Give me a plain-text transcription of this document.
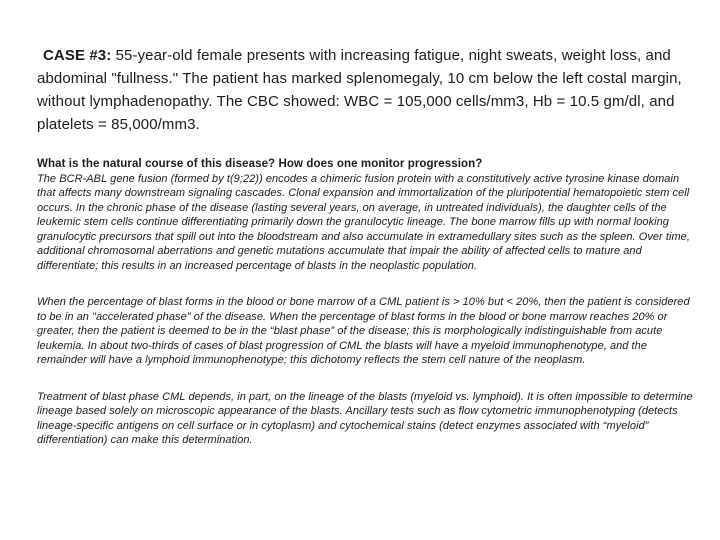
CASE #3: 55-year-old female presents with increasing fatigue, night sweats, weight loss, and abdominal "fullness." The patient has marked splenomegaly, 10 cm below the left costal margin, without lymphadenopathy. The CBC showed: WBC = 105,000 cells/mm3, Hb = 10.5 gm/dl, and platelets = 85,000/mm3.

What is the natural course of this disease? How does one monitor progression?

The BCR-ABL gene fusion (formed by t(9;22)) encodes a chimeric fusion protein with a constitutively active tyrosine kinase domain that affects many downstream signaling cascades. Clonal expansion and immortalization of the pluripotential hematopoietic stem cell occurs. In the chronic phase of the disease (lasting several years, on average, in untreated individuals), the daughter cells of the leukemic stem cells continue differentiating primarily down the granulocytic lineage. The bone marrow fills up with normal looking granulocytic precursors that spill out into the bloodstream and also accumulate in extramedullary sites such as the spleen. Over time, additional chromosomal aberrations and genetic mutations accumulate that impair the ability of affected cells to mature and differentiate; this results in an increased percentage of blasts in the neoplastic population.

When the percentage of blast forms in the blood or bone marrow of a CML patient is > 10% but < 20%, then the patient is considered to be in an "accelerated phase" of the disease. When the percentage of blast forms in the blood or bone marrow reaches 20% or greater, then the patient is deemed to be in the “blast phase” of the disease; this is morphologically indistinguishable from acute leukemia. In about two-thirds of cases of blast progression of CML the blasts will have a myeloid immunophenotype, and the remainder will have a lymphoid immunophenotype; this dichotomy reflects the stem cell nature of the neoplasm.

Treatment of blast phase CML depends, in part, on the lineage of the blasts (myeloid vs. lymphoid). It is often impossible to determine lineage based solely on microscopic appearance of the blasts. Ancillary tests such as flow cytometric immunophenotyping (detects lineage-specific antigens on cell surface or in cytoplasm) and cytochemical stains (detect enzymes associated with “myeloid” differentiation) can make this determination.
